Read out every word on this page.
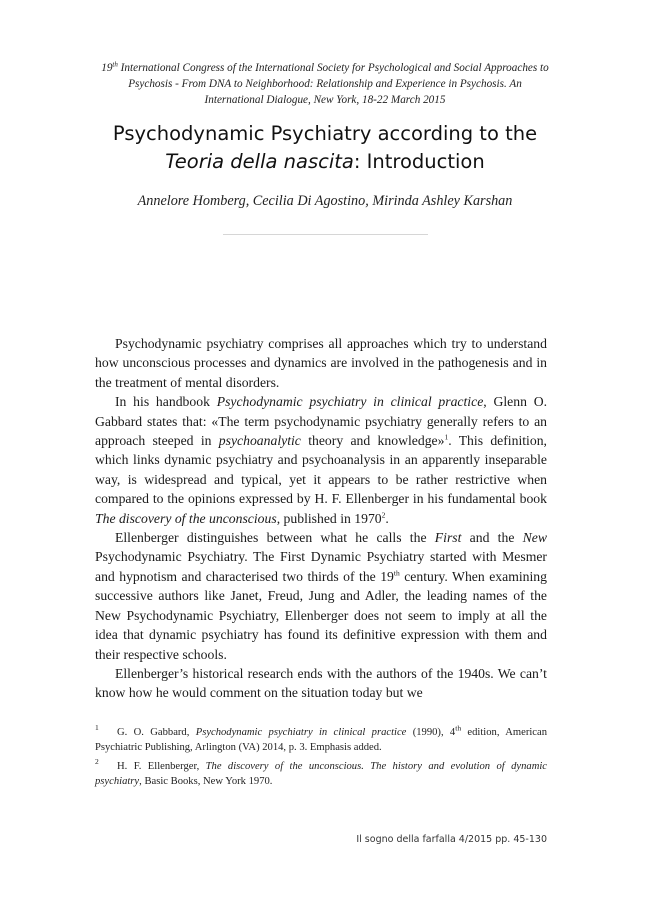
19th International Congress of the International Society for Psychological and Social Approaches to Psychosis - From DNA to Neighborhood: Relationship and Experience in Psychosis. An International Dialogue, New York, 18-22 March 2015
Psychodynamic Psychiatry according to the
Teoria della nascita: Introduction
Annelore Homberg, Cecilia Di Agostino, Mirinda Ashley Karshan

Psychodynamic psychiatry comprises all approaches which try to understand how unconscious processes and dynamics are involved in the pathogenesis and in the treatment of mental disorders.

In his handbook Psychodynamic psychiatry in clinical practice, Glenn O. Gabbard states that: «The term psychodynamic psychiatry generally refers to an approach steeped in psychoanalytic theory and knowledge»$^1$. This definition, which links dynamic psychiatry and psychoanalysis in an apparently inseparable way, is widespread and typical, yet it appears to be rather restrictive when compared to the opinions expressed by H. F. Ellenberger in his fundamental book The discovery of the unconscious, published in 1970$^2$.

Ellenberger distinguishes between what he calls the First and the New Psychodynamic Psychiatry. The First Dynamic Psychiatry started with Mesmer and hypnotism and characterised two thirds of the 19th century. When examining successive authors like Janet, Freud, Jung and Adler, the leading names of the New Psychodynamic Psychiatry, Ellenberger does not seem to imply at all the idea that dynamic psychiatry has found its definitive expression with them and their respective schools.

Ellenberger’s historical research ends with the authors of the 1940s. We can’t know how he would comment on the situation today but we

1 G. O. Gabbard, Psychodynamic psychiatry in clinical practice (1990), 4th edition, American Psychiatric Publishing, Arlington (VA) 2014, p. 3. Emphasis added.

2 H. F. Ellenberger, The discovery of the unconscious. The history and evolution of dynamic psychiatry, Basic Books, New York 1970.

Il sogno della farfalla 4/2015 pp. 45-130
